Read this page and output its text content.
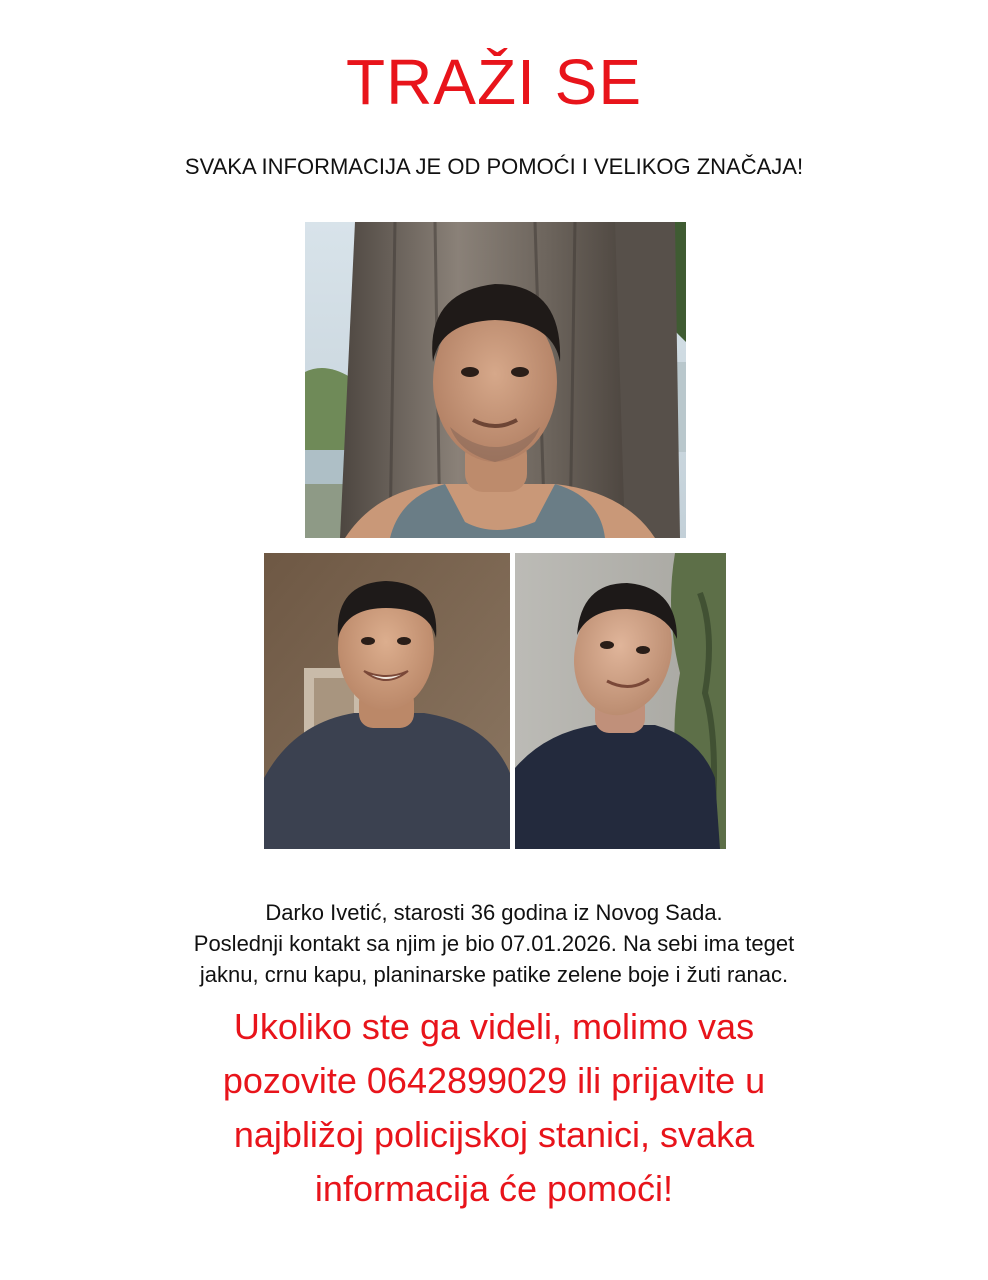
TRAŽI SE
SVAKA INFORMACIJA JE OD POMOĆI I VELIKOG ZNAČAJA!
Darko Ivetić, starosti 36 godina iz Novog Sada.
Poslednji kontakt sa njim je bio 07.01.2026. Na sebi ima teget
jaknu, crnu kapu, planinarske patike zelene boje i žuti ranac.
Ukoliko ste ga videli, molimo vas
pozovite 0642899029 ili prijavite u
najbližoj policijskoj stanici, svaka
informacija će pomoći!
